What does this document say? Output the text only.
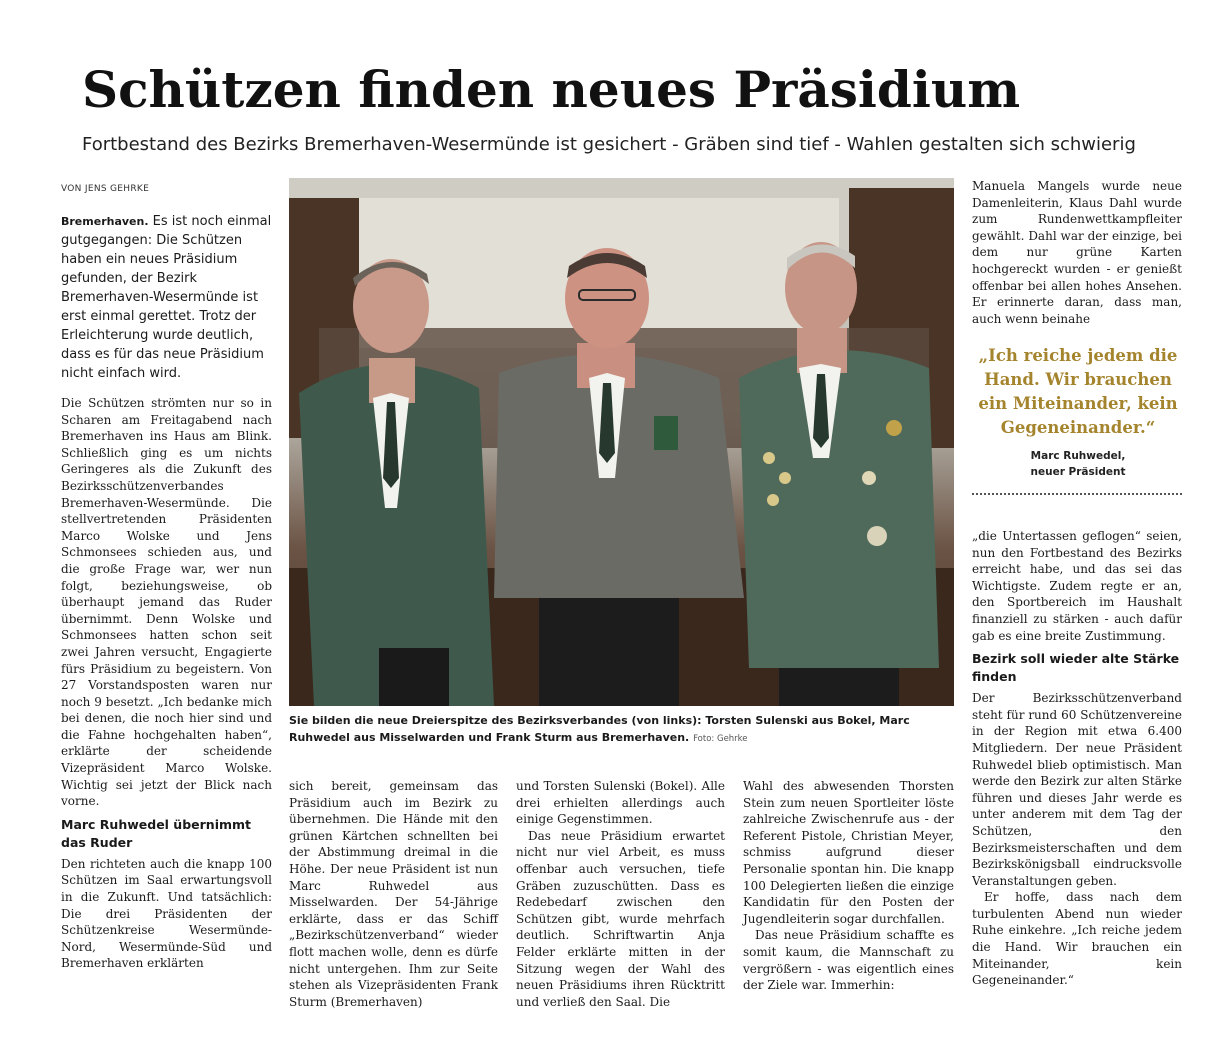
Schützen finden neues Präsidium
Fortbestand des Bezirks Bremerhaven-Wesermünde ist gesichert - Gräben sind tief - Wahlen gestalten sich schwierig
VON JENS GEHRKE
Bremerhaven. Es ist noch einmal gutgegangen: Die Schützen haben ein neues Präsidium gefunden, der Bezirk Bremerhaven-Wesermünde ist erst einmal gerettet. Trotz der Erleichterung wurde deutlich, dass es für das neue Präsidium nicht einfach wird.

Die Schützen strömten nur so in Scharen am Freitagabend nach Bremerhaven ins Haus am Blink. Schließlich ging es um nichts Geringeres als die Zukunft des Bezirksschützenverbandes Bremerhaven-Wesermünde. Die stellvertretenden Präsidenten Marco Wolske und Jens Schmonsees schieden aus, und die große Frage war, wer nun folgt, beziehungsweise, ob überhaupt jemand das Ruder übernimmt. Denn Wolske und Schmonsees hatten schon seit zwei Jahren versucht, Engagierte fürs Präsidium zu begeistern. Von 27 Vorstandsposten waren nur noch 9 besetzt. „Ich bedanke mich bei denen, die noch hier sind und die Fahne hochgehalten haben“, erklärte der scheidende Vizepräsident Marco Wolske. Wichtig sei jetzt der Blick nach vorne.

Marc Ruhwedel übernimmt das Ruder

Den richteten auch die knapp 100 Schützen im Saal erwartungsvoll in die Zukunft. Und tatsächlich: Die drei Präsidenten der Schützenkreise Wesermünde-Nord, Wesermünde-Süd und Bremerhaven erklärten

Sie bilden die neue Dreierspitze des Bezirksverbandes (von links): Torsten Sulenski aus Bokel, Marc Ruhwedel aus Misselwarden und Frank Sturm aus Bremerhaven. Foto: Gehrke

sich bereit, gemeinsam das Präsidium auch im Bezirk zu übernehmen. Die Hände mit den grünen Kärtchen schnellten bei der Abstimmung dreimal in die Höhe. Der neue Präsident ist nun Marc Ruhwedel aus Misselwarden. Der 54-Jährige erklärte, dass er das Schiff „Bezirkschützenverband“ wieder flott machen wolle, denn es dürfe nicht untergehen. Ihm zur Seite stehen als Vizepräsidenten Frank Sturm (Bremerhaven)

und Torsten Sulenski (Bokel). Alle drei erhielten allerdings auch einige Gegenstimmen.

Das neue Präsidium erwartet nicht nur viel Arbeit, es muss offenbar auch versuchen, tiefe Gräben zuzuschütten. Dass es Redebedarf zwischen den Schützen gibt, wurde mehrfach deutlich. Schriftwartin Anja Felder erklärte mitten in der Sitzung wegen der Wahl des neuen Präsidiums ihren Rücktritt und verließ den Saal. Die

Wahl des abwesenden Thorsten Stein zum neuen Sportleiter löste zahlreiche Zwischenrufe aus - der Referent Pistole, Christian Meyer, schmiss aufgrund dieser Personalie spontan hin. Die knapp 100 Delegierten ließen die einzige Kandidatin für den Posten der Jugendleiterin sogar durchfallen.

Das neue Präsidium schaffte es somit kaum, die Mannschaft zu vergrößern - was eigentlich eines der Ziele war. Immerhin:

Manuela Mangels wurde neue Damenleiterin, Klaus Dahl wurde zum Rundenwettkampfleiter gewählt. Dahl war der einzige, bei dem nur grüne Karten hochgereckt wurden - er genießt offenbar bei allen hohes Ansehen. Er erinnerte daran, dass man, auch wenn beinahe

„Ich reiche jedem die Hand. Wir brauchen ein Miteinander, kein Gegeneinander.“

Marc Ruhwedel,
neuer Präsident

„die Untertassen geflogen“ seien, nun den Fortbestand des Bezirks erreicht habe, und das sei das Wichtigste. Zudem regte er an, den Sportbereich im Haushalt finanziell zu stärken - auch dafür gab es eine breite Zustimmung.

Bezirk soll wieder alte Stärke finden

Der Bezirksschützenverband steht für rund 60 Schützenvereine in der Region mit etwa 6.400 Mitgliedern. Der neue Präsident Ruhwedel blieb optimistisch. Man werde den Bezirk zur alten Stärke führen und dieses Jahr werde es unter anderem mit dem Tag der Schützen, den Bezirksmeisterschaften und dem Bezirkskönigsball eindrucksvolle Veranstaltungen geben.

Er hoffe, dass nach dem turbulenten Abend nun wieder Ruhe einkehre. „Ich reiche jedem die Hand. Wir brauchen ein Miteinander, kein Gegeneinander.“
